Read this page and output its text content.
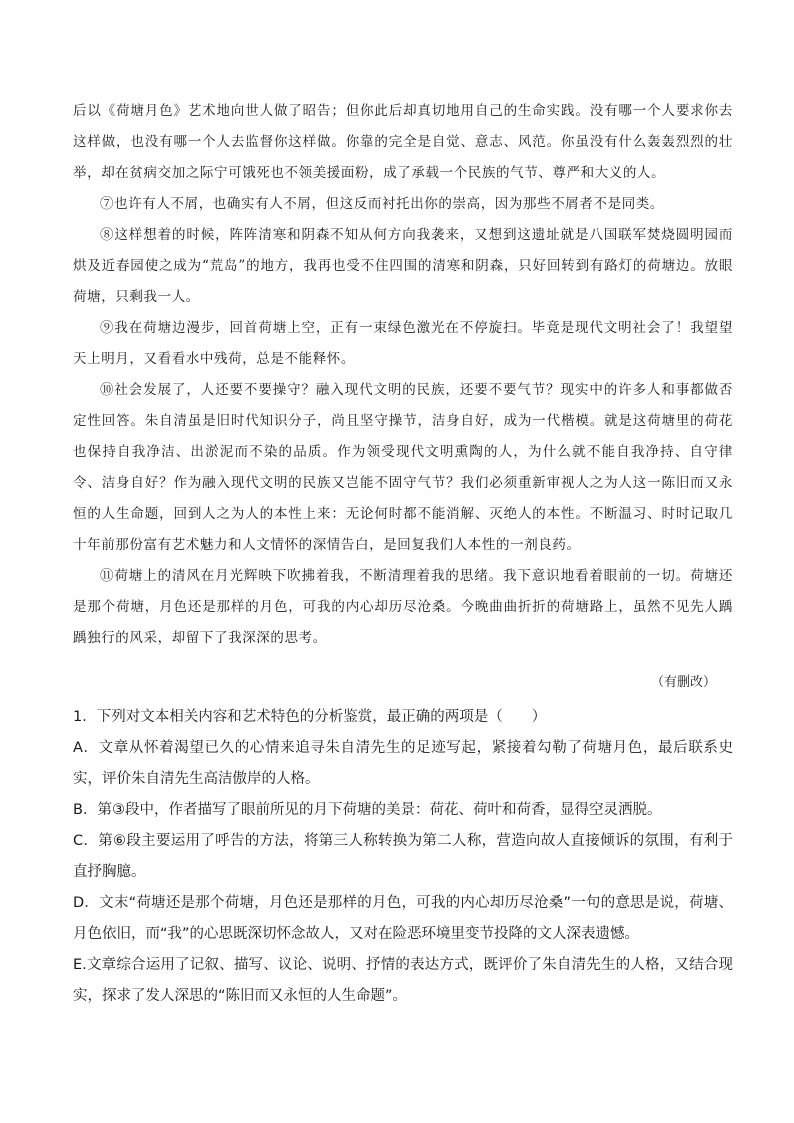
后以《荷塘月色》艺术地向世人做了昭告；但你此后却真切地用自己的生命实践。没有哪一个人要求你去这样做，也没有哪一个人去监督你这样做。你靠的完全是自觉、意志、风范。你虽没有什么轰轰烈烈的壮举，却在贫病交加之际宁可饿死也不领美援面粉，成了承载一个民族的气节、尊严和大义的人。

⑦也许有人不屑，也确实有人不屑，但这反而衬托出你的崇高，因为那些不屑者不是同类。

⑧这样想着的时候，阵阵清寒和阴森不知从何方向我袭来，又想到这遗址就是八国联军焚烧圆明园而烘及近春园使之成为“荒岛”的地方，我再也受不住四围的清寒和阴森，只好回转到有路灯的荷塘边。放眼荷塘，只剩我一人。

⑨我在荷塘边漫步，回首荷塘上空，正有一束绿色激光在不停旋扫。毕竟是现代文明社会了！我望望天上明月，又看看水中残荷，总是不能释怀。

⑩社会发展了，人还要不要操守？融入现代文明的民族，还要不要气节？现实中的许多人和事都做否定性回答。朱自清虽是旧时代知识分子，尚且坚守操节，洁身自好，成为一代楷模。就是这荷塘里的荷花也保持自我净洁、出淤泥而不染的品质。作为领受现代文明熏陶的人，为什么就不能自我净持、自守律令、洁身自好？作为融入现代文明的民族又岂能不固守气节？我们必须重新审视人之为人这一陈旧而又永恒的人生命题，回到人之为人的本性上来：无论何时都不能消解、灭绝人的本性。不断温习、时时记取几十年前那份富有艺术魅力和人文情怀的深情告白，是回复我们人本性的一剂良药。

⑪荷塘上的清风在月光辉映下吹拂着我，不断清理着我的思绪。我下意识地看着眼前的一切。荷塘还是那个荷塘，月色还是那样的月色，可我的内心却历尽沧桑。今晚曲曲折折的荷塘路上，虽然不见先人踽踽独行的风采，却留下了我深深的思考。

（有删改）

1．下列对文本相关内容和艺术特色的分析鉴赏，最正确的两项是（　　）

A．文章从怀着渴望已久的心情来追寻朱自清先生的足迹写起，紧接着勾勒了荷塘月色，最后联系史实，评价朱自清先生高洁傲岸的人格。

B．第③段中，作者描写了眼前所见的月下荷塘的美景：荷花、荷叶和荷香，显得空灵洒脱。

C．第⑥段主要运用了呼告的方法，将第三人称转换为第二人称，营造向故人直接倾诉的氛围，有利于直抒胸臆。

D．文末“荷塘还是那个荷塘，月色还是那样的月色，可我的内心却历尽沧桑”一句的意思是说，荷塘、月色依旧，而“我”的心思既深切怀念故人，又对在险恶环境里变节投降的文人深表遗憾。

E.文章综合运用了记叙、描写、议论、说明、抒情的表达方式，既评价了朱自清先生的人格，又结合现实，探求了发人深思的“陈旧而又永恒的人生命题”。
